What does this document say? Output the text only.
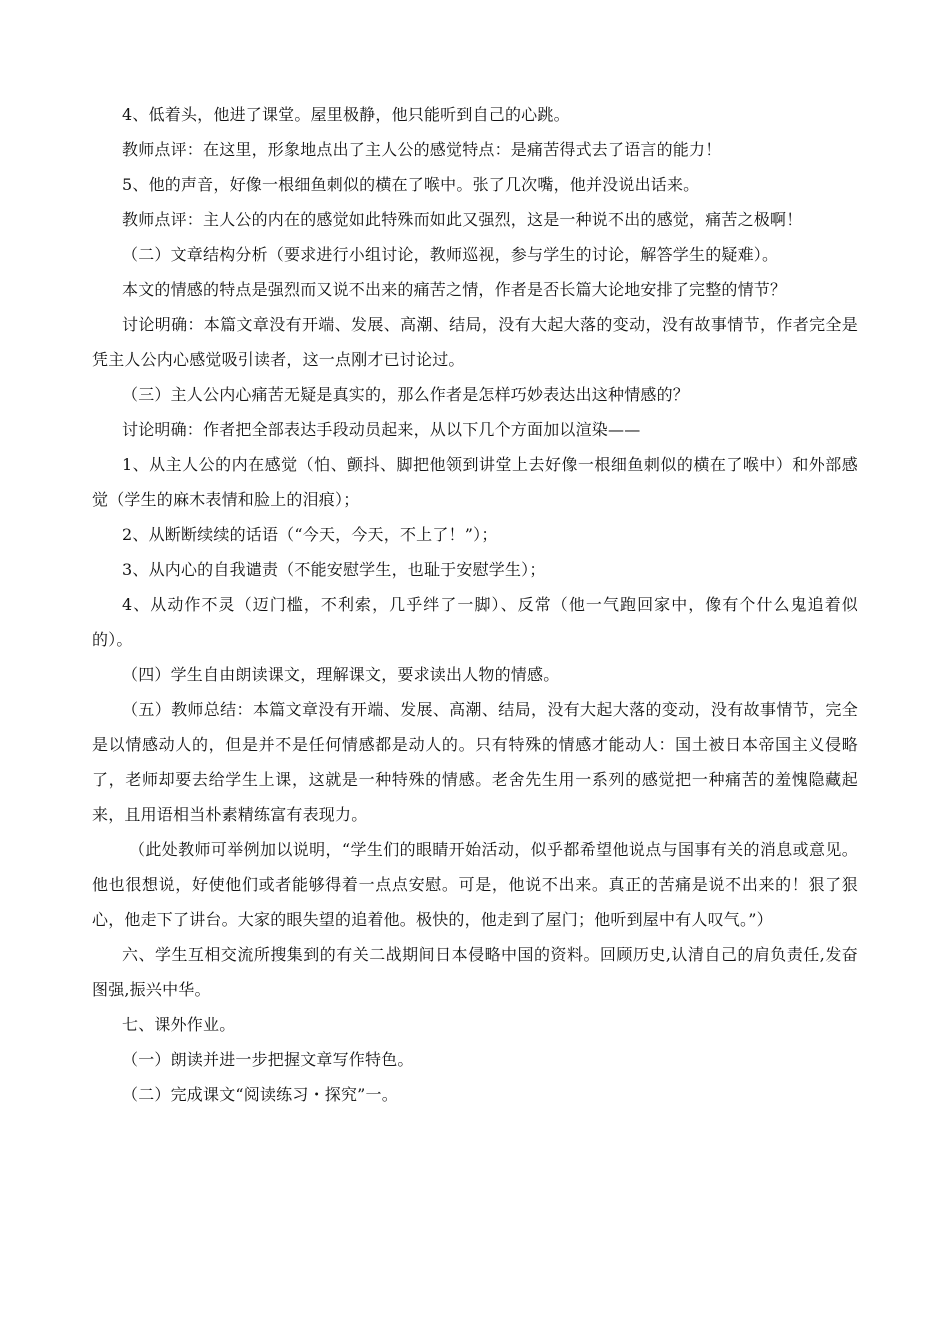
4、低着头，他进了课堂。屋里极静，他只能听到自己的心跳。

教师点评：在这里，形象地点出了主人公的感觉特点：是痛苦得式去了语言的能力！

5、他的声音，好像一根细鱼刺似的横在了喉中。张了几次嘴，他并没说出话来。

教师点评：主人公的内在的感觉如此特殊而如此又强烈，这是一种说不出的感觉，痛苦之极啊！

（二）文章结构分析（要求进行小组讨论，教师巡视，参与学生的讨论，解答学生的疑难）。

本文的情感的特点是强烈而又说不出来的痛苦之情，作者是否长篇大论地安排了完整的情节？

讨论明确：本篇文章没有开端、发展、高潮、结局，没有大起大落的变动，没有故事情节，作者完全是凭主人公内心感觉吸引读者，这一点刚才已讨论过。

（三）主人公内心痛苦无疑是真实的，那么作者是怎样巧妙表达出这种情感的？

讨论明确：作者把全部表达手段动员起来，从以下几个方面加以渲染——

1、从主人公的内在感觉（怕、颤抖、脚把他领到讲堂上去好像一根细鱼刺似的横在了喉中）和外部感觉（学生的麻木表情和脸上的泪痕）；

2、从断断续续的话语（“今天，今天，不上了！”）；

3、从内心的自我谴责（不能安慰学生，也耻于安慰学生）；

4、从动作不灵（迈门槛，不利索，几乎绊了一脚）、反常（他一气跑回家中，像有个什么鬼追着似的）。

（四）学生自由朗读课文，理解课文，要求读出人物的情感。

（五）教师总结：本篇文章没有开端、发展、高潮、结局，没有大起大落的变动，没有故事情节，完全是以情感动人的，但是并不是任何情感都是动人的。只有特殊的情感才能动人：国土被日本帝国主义侵略了，老师却要去给学生上课，这就是一种特殊的情感。老舍先生用一系列的感觉把一种痛苦的羞愧隐藏起来，且用语相当朴素精练富有表现力。

（此处教师可举例加以说明，“学生们的眼睛开始活动，似乎都希望他说点与国事有关的消息或意见。他也很想说，好使他们或者能够得着一点点安慰。可是，他说不出来。真正的苦痛是说不出来的！狠了狠心，他走下了讲台。大家的眼失望的追着他。极快的，他走到了屋门；他听到屋中有人叹气。”）

六、学生互相交流所搜集到的有关二战期间日本侵略中国的资料。回顾历史,认清自己的肩负责任,发奋图强,振兴中华。

七、课外作业。

（一）朗读并进一步把握文章写作特色。

（二）完成课文“阅读练习・探究”一。
